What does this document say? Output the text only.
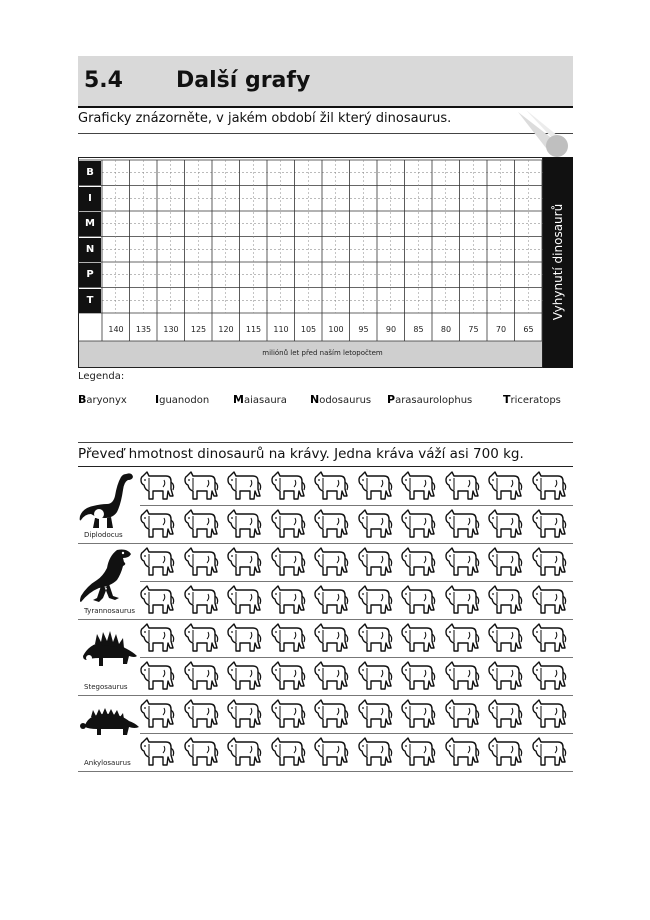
5.4 Další grafy
Graficky znázorněte, v jakém období žil který dinosaurus.
B
I
M
N
P
T
140	135	130	125	120	115	110	105	100	95	90	85	80	75	70	65
miliónů let před naším letopočtem
Vyhynutí dinosaurů
Legenda:
Baryonyx	Iguanodon Maiasaura Nodosaurus Parasaurolophus	Triceratops
Převeď hmotnost dinosaurů na krávy. Jedna kráva váží asi 700 kg.
Diplodocus
Tyrannosaurus
Stegosaurus
Ankylosaurus
